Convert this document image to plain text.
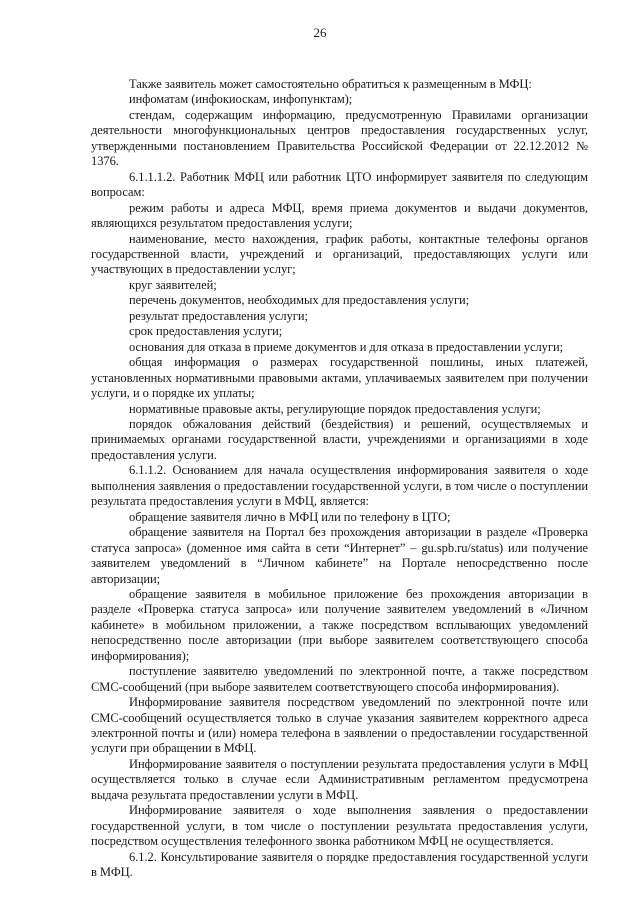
26

Также заявитель может самостоятельно обратиться к размещенным в МФЦ:

инфоматам (инфокиоскам, инфопунктам);

стендам, содержащим информацию, предусмотренную Правилами организации деятельности многофункциональных центров предоставления государственных услуг, утвержденными постановлением Правительства Российской Федерации от 22.12.2012 № 1376.

6.1.1.1.2. Работник МФЦ или работник ЦТО информирует заявителя по следующим вопросам:

режим работы и адреса МФЦ, время приема документов и выдачи документов, являющихся результатом предоставления услуги;

наименование, место нахождения, график работы, контактные телефоны органов государственной власти, учреждений и организаций, предоставляющих услуги или участвующих в предоставлении услуг;

круг заявителей;

перечень документов, необходимых для предоставления услуги;

результат предоставления услуги;

срок предоставления услуги;

основания для отказа в приеме документов и для отказа в предоставлении услуги;

общая информация о размерах государственной пошлины, иных платежей, установленных нормативными правовыми актами, уплачиваемых заявителем при получении услуги, и о порядке их уплаты;

нормативные правовые акты, регулирующие порядок предоставления услуги;

порядок обжалования действий (бездействия) и решений, осуществляемых и принимаемых органами государственной власти, учреждениями и организациями в ходе предоставления услуги.

6.1.1.2. Основанием для начала осуществления информирования заявителя о ходе выполнения заявления о предоставлении государственной услуги, в том числе о поступлении результата предоставления услуги в МФЦ, является:

обращение заявителя лично в МФЦ или по телефону в ЦТО;

обращение заявителя на Портал без прохождения авторизации в разделе «Проверка статуса запроса» (доменное имя сайта в сети “Интернет” – gu.spb.ru/status) или получение заявителем уведомлений в “Личном кабинете” на Портале непосредственно после авторизации;

обращение заявителя в мобильное приложение без прохождения авторизации в разделе «Проверка статуса запроса» или получение заявителем уведомлений в «Личном кабинете» в мобильном приложении, а также посредством всплывающих уведомлений непосредственно после авторизации (при выборе заявителем соответствующего способа информирования);

поступление заявителю уведомлений по электронной почте, а также посредством СМС-сообщений (при выборе заявителем соответствующего способа информирования).

Информирование заявителя посредством уведомлений по электронной почте или СМС-сообщений осуществляется только в случае указания заявителем корректного адреса электронной почты и (или) номера телефона в заявлении о предоставлении государственной услуги при обращении в МФЦ.

Информирование заявителя о поступлении результата предоставления услуги в МФЦ осуществляется только в случае если Административным регламентом предусмотрена выдача результата предоставлении услуги в МФЦ.

Информирование заявителя о ходе выполнения заявления о предоставлении государственной услуги, в том числе о поступлении результата предоставления услуги, посредством осуществления телефонного звонка работником МФЦ не осуществляется.

6.1.2. Консультирование заявителя о порядке предоставления государственной услуги в МФЦ.
